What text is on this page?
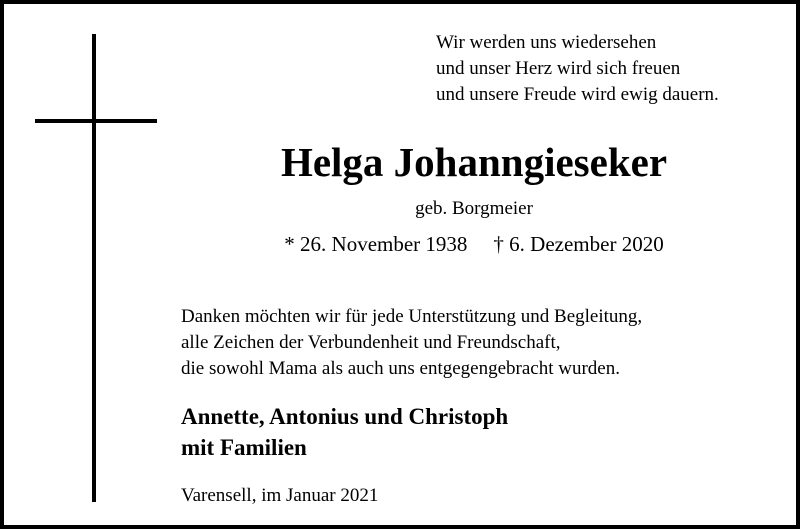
Wir werden uns wiedersehen
und unser Herz wird sich freuen
und unsere Freude wird ewig dauern.
Helga Johanngieseker
geb. Borgmeier
* 26. November 1938 † 6. Dezember 2020
Danken möchten wir für jede Unterstützung und Begleitung,
alle Zeichen der Verbundenheit und Freundschaft,
die sowohl Mama als auch uns entgegengebracht wurden.
Annette, Antonius und Christoph
mit Familien
Varensell, im Januar 2021
